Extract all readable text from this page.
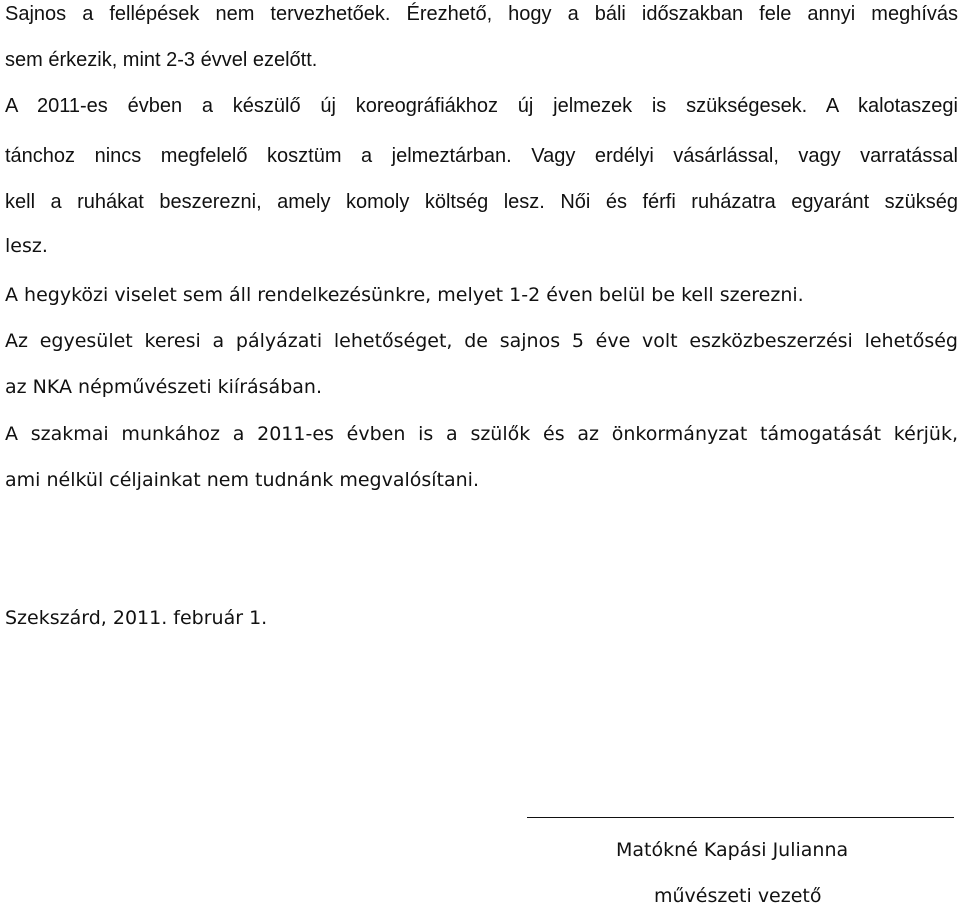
Sajnos a fellépések nem tervezhetőek. Érezhető, hogy a báli időszakban fele annyi meghívás
sem érkezik, mint 2-3 évvel ezelőtt.
A 2011-es évben a készülő új koreográfiákhoz új jelmezek is szükségesek. A kalotaszegi
tánchoz nincs megfelelő kosztüm a jelmeztárban. Vagy erdélyi vásárlással, vagy varratással
kell a ruhákat beszerezni, amely komoly költség lesz. Női és férfi ruházatra egyaránt szükség
lesz.
A hegyközi viselet sem áll rendelkezésünkre, melyet 1-2 éven belül be kell szerezni.
Az egyesület keresi a pályázati lehetőséget, de sajnos 5 éve volt eszközbeszerzési lehetőség
az NKA népművészeti kiírásában.
A szakmai munkához a 2011-es évben is a szülők és az önkormányzat támogatását kérjük,
ami nélkül céljainkat nem tudnánk megvalósítani.
Szekszárd, 2011. február 1.
Matókné Kapási Julianna
művészeti vezető
